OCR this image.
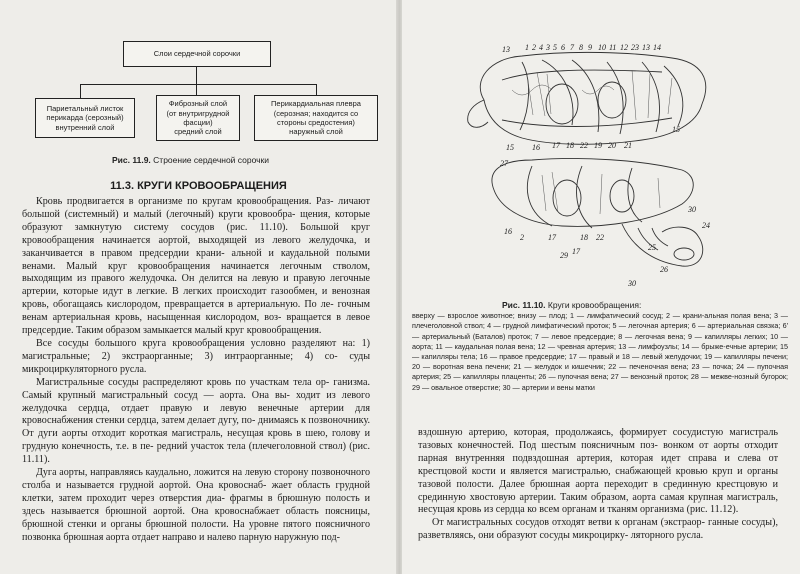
Слои сердечной сорочки
Париетальный листок
перикарда (серозный)
внутренний слой
Фиброзный слой
(от внутригрудной
фасции)
средний слой
Перикардиальная плевра
(серозная; находится со
стороны средостения)
наружный слой
Рис. 11.9. Строение сердечной сорочки
11.3. КРУГИ КРОВООБРАЩЕНИЯ

Кровь продвигается в организме по кругам кровообращения. Раз- личают большой (системный) и малый (легочный) круги кровообра- щения, которые образуют замкнутую систему сосудов (рис. 11.10). Большой круг кровообращения начинается аортой, выходящей из левого желудочка, и заканчивается в правом предсердии крани- альной и каудальной полыми венами. Малый круг кровообращения начинается легочным стволом, выходящим из правого желудочка. Он делится на левую и правую легочные артерии, которые идут в легкие. В легких происходит газообмен, и венозная кровь, обогащаясь кислородом, превращается в артериальную. По ле- гочным венам артериальная кровь, насыщенная кислородом, воз- вращается в левое предсердие. Таким образом замыкается малый круг кровообращения.

Все сосуды большого круга кровообращения условно разделяют на: 1) магистральные; 2) экстраорганные; 3) интраорганные; 4) со- суды микроциркуляторного русла.

Магистральные сосуды распределяют кровь по участкам тела ор- ганизма. Самый крупный магистральный сосуд — аорта. Она вы- ходит из левого желудочка сердца, отдает правую и левую венечные артерии для кровоснабжения стенки сердца, затем делает дугу, по- днимаясь к позвоночнику. От дуги аорты отходит короткая магистраль, несущая кровь в шею, голову и грудную конечность, т.е. в пе- редний участок тела (плечеголовной ствол) (рис. 11.11).

Дуга аорты, направляясь каудально, ложится на левую сторону позвоночного столба и называется грудной аортой. Она кровоснаб- жает область грудной клетки, затем проходит через отверстия диа- фрагмы в брюшную полость и здесь называется брюшной аортой. Она кровоснабжает область поясницы, брюшной стенки и органы брюшной полости. На уровне пятого поясничного позвонка брюшная аорта отдает направо и налево парную наружную под-

13 1 2 4 3 5 6 7 8 9 10 11 12 23 13 14
15 16 17 18 22 19 20 21
15
16
17	18 22
30
24
30
26
2
29 17	25
27
Рис. 11.10. Круги кровообращения:
вверху — взрослое животное; внизу — плод; 1 — лимфатический сосуд; 2 — крани-альная полая вена; 3 — плечеголовной ствол; 4 — грудной лимфатический проток; 5 — легочная артерия; 6 — артериальная связка; 6' — артериальный (Баталов) проток; 7 — левое предсердие; 8 — легочная вена; 9 — капилляры легких; 10 — аорта; 11 — каудальная полая вена; 12 — чревная артерия; 13 — лимфоузлы; 14 — брыже-ечные артерии; 15 — капилляры тела; 16 — правое предсердие; 17 — правый и 18 — левый желудочки; 19 — капилляры печени; 20 — воротная вена печени; 21 — желудок и кишечник; 22 — печеночная вена; 23 — почка; 24 — пупочная артерия; 25 — капилляры плаценты; 26 — пупочная вена; 27 — венозный проток; 28 — межве-нозный бугорок; 29 — овальное отверстие; 30 — артерии и вены матки

вздошную артерию, которая, продолжаясь, формирует сосудистую магистраль тазовых конечностей. Под шестым поясничным поз- вонком от аорты отходит парная внутренняя подвздошная артерия, которая идет справа и слева от крестцовой кости и является магистралью, снабжающей кровью круп и органы тазовой полости. Далее брюшная аорта переходит в срединную крестцовую и срединную хвостовую артерии. Таким образом, аорта самая крупная магистраль, несущая кровь из сердца ко всем органам и тканям организма (рис. 11.12).

От магистральных сосудов отходят ветви к органам (экстраор- ганные сосуды), разветвляясь, они образуют сосуды микроцирку- ляторного русла.
